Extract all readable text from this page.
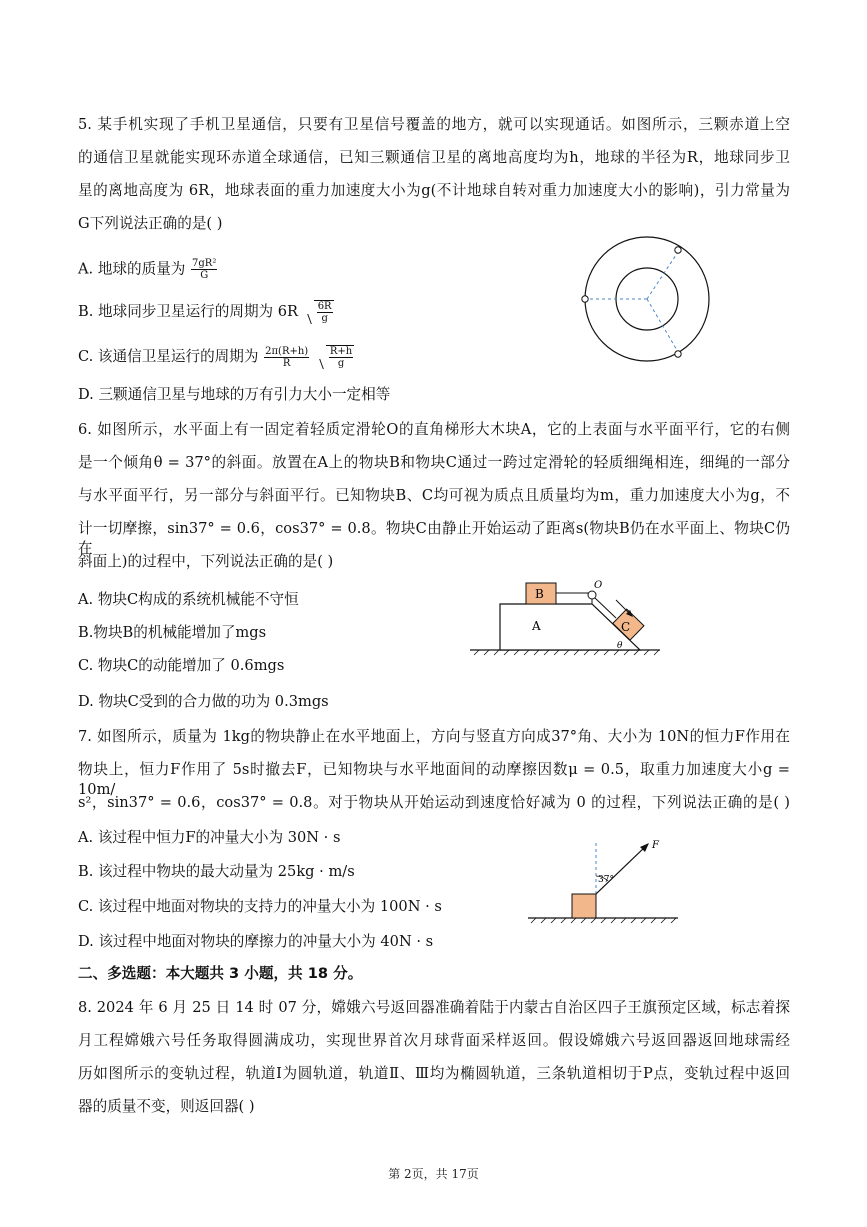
5. 某手机实现了手机卫星通信，只要有卫星信号覆盖的地方，就可以实现通话。如图所示，三颗赤道上空
的通信卫星就能实现环赤道全球通信，已知三颗通信卫星的离地高度均为h，地球的半径为R，地球同步卫
星的离地高度为 6R，地球表面的重力加速度大小为g(不计地球自转对重力加速度大小的影响)，引力常量为
G下列说法正确的是( )
A. 地球的质量为 $\frac{\text{7gR²}}{G}$
B. 地球同步卫星运行的周期为 $6R \frac{6R}{g}$
C. 该通信卫星运行的周期为 $\frac{2\pi(R+h)}{R}$
$\frac{R+h}{g}$
D. 三颗通信卫星与地球的万有引力大小一定相等
6. 如图所示，水平面上有一固定着轻质定滑轮O的直角梯形大木块A，它的上表面与水平面平行，它的右侧
是一个倾角θ = 37°的斜面。放置在A上的物块B和物块C通过一跨过定滑轮的轻质细绳相连，细绳的一部分
与水平面平行，另一部分与斜面平行。已知物块B、C均可视为质点且质量均为m，重力加速度大小为g，不
计一切摩擦，sin37° = 0.6，cos37° = 0.8。物块C由静止开始运动了距离s(物块B仍在水平面上、物块C仍在
斜面上)的过程中，下列说法正确的是( )
A. 物块C构成的系统机械能不守恒
B.物块B的机械能增加了mgs
C. 物块C的动能增加了 0.6mgs
D. 物块C受到的合力做的功为 0.3mgs
A
B
O
C
θ
7. 如图所示，质量为 1kg的物块静止在水平地面上，方向与竖直方向成37°角、大小为 10N的恒力F作用在
物块上，恒力F作用了 5s时撤去F，已知物块与水平地面间的动摩擦因数μ = 0.5，取重力加速度大小g = 10m/
s²，sin37° = 0.6，cos37° = 0.8。对于物块从开始运动到速度恰好减为 0 的过程，下列说法正确的是( )
A. 该过程中恒力F的冲量大小为 30N · s
B. 该过程中物块的最大动量为 25kg · m/s
C. 该过程中地面对物块的支持力的冲量大小为 100N · s
D. 该过程中地面对物块的摩擦力的冲量大小为 40N · s
F
37°
二、多选题：本大题共 3 小题，共 18 分。
8. 2024 年 6 月 25 日 14 时 07 分，嫦娥六号返回器准确着陆于内蒙古自治区四子王旗预定区域，标志着探
月工程嫦娥六号任务取得圆满成功，实现世界首次月球背面采样返回。假设嫦娥六号返回器返回地球需经
历如图所示的变轨过程，轨道Ⅰ为圆轨道，轨道Ⅱ、Ⅲ均为椭圆轨道，三条轨道相切于P点，变轨过程中返回
器的质量不变，则返回器( )
第 2页，共 17页
